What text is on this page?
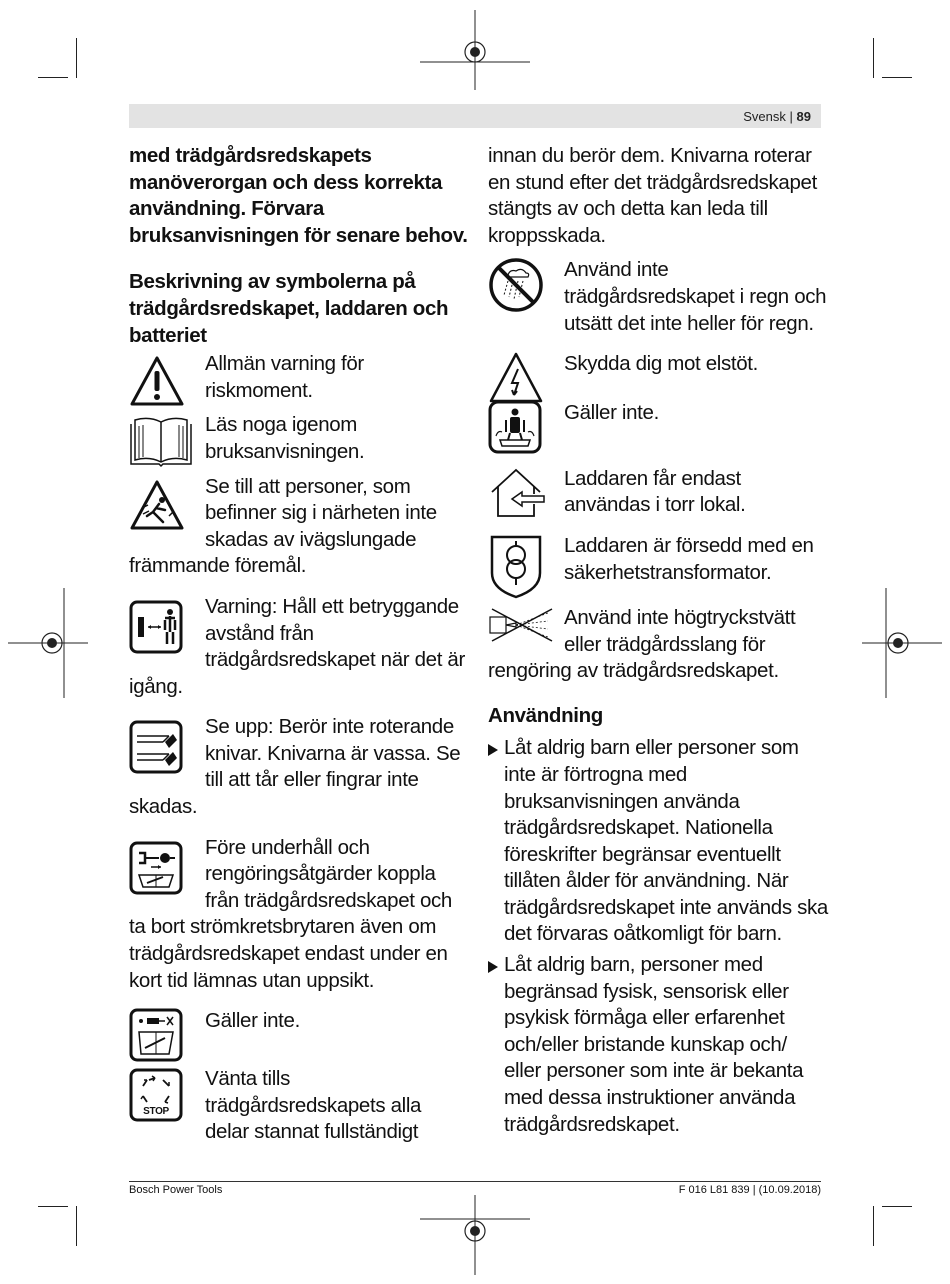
Svensk | 89

med trädgårdsredskapets manöverorgan och dess korrekta användning. Förvara bruksanvisningen för senare behov.

Beskrivning av symbolerna på trädgårdsredskapet, laddaren och batteriet

Allmän varning för riskmoment.

Läs noga igenom bruksanvisningen.

Se till att personer, som
befinner sig i närheten inte
skadas av ivägslungade

främmande föremål.

Varning: Håll ett betryggande
avstånd från
trädgårdsredskapet när det är

igång.

Se upp: Berör inte roterande
knivar. Knivarna är vassa. Se
till att tår eller fingrar inte

skadas.

Före underhåll och
rengöringsåtgärder koppla
från trädgårdsredskapet och

ta bort strömkretsbrytaren även om trädgårdsredskapet endast under en kort tid lämnas utan uppsikt.

Gäller inte.

STOP

Vänta tills trädgårdsredskapets alla delar stannat fullständigt

innan du berör dem. Knivarna roterar en stund efter det trädgårdsredskapet stängts av och detta kan leda till kroppsskada.

Använd inte trädgårdsredskapet i regn och utsätt det inte heller för regn.

Skydda dig mot elstöt.

Gäller inte.

Laddaren får endast användas i torr lokal.

Laddaren är försedd med en säkerhetstransformator.

Använd inte högtryckstvätt
eller trädgårdsslang för

rengöring av trädgårdsredskapet.

Användning

Låt aldrig barn eller personer som inte är förtrogna med bruksanvisningen använda trädgårdsredskapet. Nationella föreskrifter begränsar eventuellt tillåten ålder för användning. När trädgårdsredskapet inte används ska det förvaras oåtkomligt för barn.

Låt aldrig barn, personer med begränsad fysisk, sensorisk eller psykisk förmåga eller erfarenhet och/eller bristande kunskap och/ eller personer som inte är bekanta med dessa instruktioner använda trädgårdsredskapet.

Bosch Power Tools	F 016 L81 839 | (10.09.2018)
